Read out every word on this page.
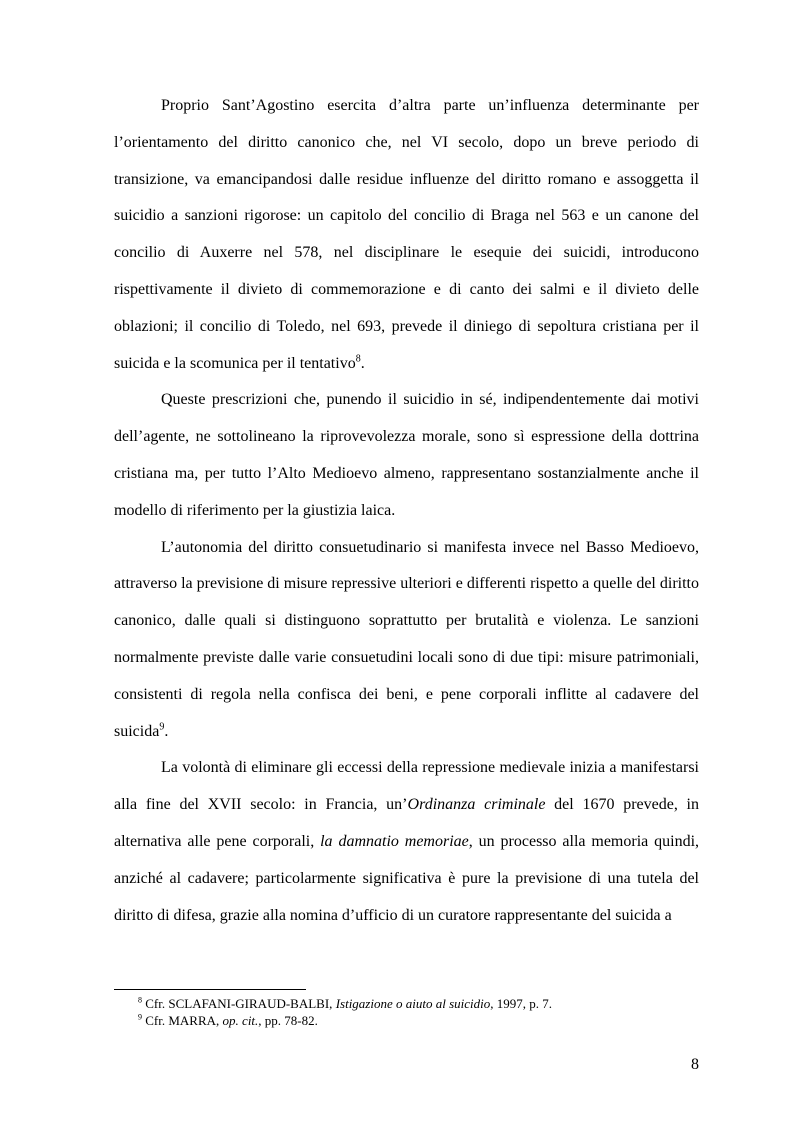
Proprio Sant’Agostino esercita d’altra parte un’influenza determinante per l’orientamento del diritto canonico che, nel VI secolo, dopo un breve periodo di transizione, va emancipandosi dalle residue influenze del diritto romano e assoggetta il suicidio a sanzioni rigorose: un capitolo del concilio di Braga nel 563 e un canone del concilio di Auxerre nel 578, nel disciplinare le esequie dei suicidi, introducono rispettivamente il divieto di commemorazione e di canto dei salmi e il divieto delle oblazioni; il concilio di Toledo, nel 693, prevede il diniego di sepoltura cristiana per il suicida e la scomunica per il tentativo$^8$.

Queste prescrizioni che, punendo il suicidio in sé, indipendentemente dai motivi dell’agente, ne sottolineano la riprovevolezza morale, sono sì espressione della dottrina cristiana ma, per tutto l’Alto Medioevo almeno, rappresentano sostanzialmente anche il modello di riferimento per la giustizia laica.

L’autonomia del diritto consuetudinario si manifesta invece nel Basso Medioevo, attraverso la previsione di misure repressive ulteriori e differenti rispetto a quelle del diritto canonico, dalle quali si distinguono soprattutto per brutalità e violenza. Le sanzioni normalmente previste dalle varie consuetudini locali sono di due tipi: misure patrimoniali, consistenti di regola nella confisca dei beni, e pene corporali inflitte al cadavere del suicida$^9$.

La volontà di eliminare gli eccessi della repressione medievale inizia a manifestarsi alla fine del XVII secolo: in Francia, un’Ordinanza criminale del 1670 prevede, in alternativa alle pene corporali, la damnatio memoriae, un processo alla memoria quindi, anziché al cadavere; particolarmente significativa è pure la previsione di una tutela del diritto di difesa, grazie alla nomina d’ufficio di un curatore rappresentante del suicida a

$^8$ Cfr. SCLAFANI-GIRAUD-BALBI, Istigazione o aiuto al suicidio, 1997, p. 7.
$^9$ Cfr. MARRA, op. cit., pp. 78-82.
8
